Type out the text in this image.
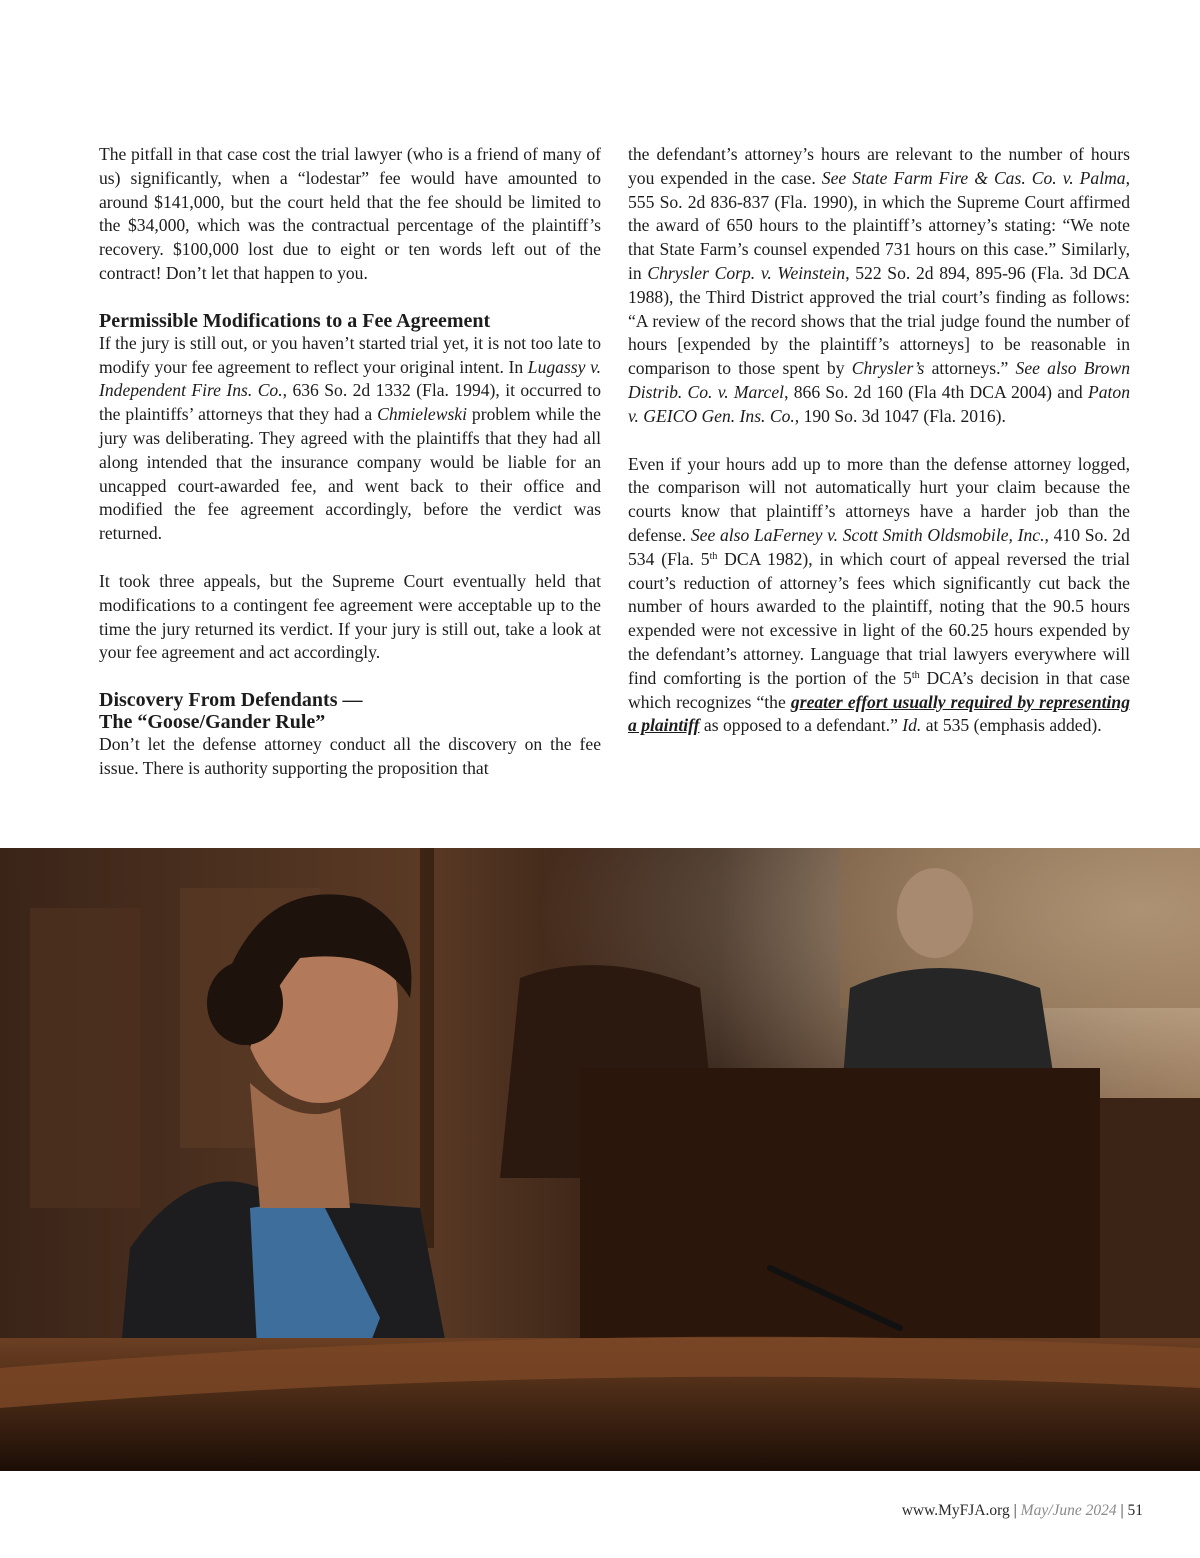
The pitfall in that case cost the trial lawyer (who is a friend of many of us) significantly, when a “lodestar” fee would have amounted to around $141,000, but the court held that the fee should be limited to the $34,000, which was the contractual percentage of the plaintiff’s recovery. $100,000 lost due to eight or ten words left out of the contract! Don’t let that happen to you.

Permissible Modifications to a Fee Agreement

If the jury is still out, or you haven’t started trial yet, it is not too late to modify your fee agreement to reflect your original intent. In Lugassy v. Independent Fire Ins. Co., 636 So. 2d 1332 (Fla. 1994), it occurred to the plaintiffs’ attorneys that they had a Chmielewski problem while the jury was deliberating. They agreed with the plaintiffs that they had all along intended that the insurance company would be liable for an uncapped court-awarded fee, and went back to their office and modified the fee agreement accordingly, before the verdict was returned.

It took three appeals, but the Supreme Court eventually held that modifications to a contingent fee agreement were acceptable up to the time the jury returned its verdict. If your jury is still out, take a look at your fee agreement and act accordingly.

Discovery From Defendants —
The “Goose/Gander Rule”

Don’t let the defense attorney conduct all the discovery on the fee issue. There is authority supporting the proposition that

the defendant’s attorney’s hours are relevant to the number of hours you expended in the case. See State Farm Fire & Cas. Co. v. Palma, 555 So. 2d 836-837 (Fla. 1990), in which the Supreme Court affirmed the award of 650 hours to the plaintiff’s attorney’s stating: “We note that State Farm’s counsel expended 731 hours on this case.” Similarly, in Chrysler Corp. v. Weinstein, 522 So. 2d 894, 895-96 (Fla. 3d DCA 1988), the Third District approved the trial court’s finding as follows: “A review of the record shows that the trial judge found the number of hours [expended by the plaintiff’s attorneys] to be reasonable in comparison to those spent by Chrysler’s attorneys.” See also Brown Distrib. Co. v. Marcel, 866 So. 2d 160 (Fla 4th DCA 2004) and Paton v. GEICO Gen. Ins. Co., 190 So. 3d 1047 (Fla. 2016).

Even if your hours add up to more than the defense attorney logged, the comparison will not automatically hurt your claim because the courts know that plaintiff’s attorneys have a harder job than the defense. See also LaFerney v. Scott Smith Oldsmobile, Inc., 410 So. 2d 534 (Fla. 5th DCA 1982), in which court of appeal reversed the trial court’s reduction of attorney’s fees which significantly cut back the number of hours awarded to the plaintiff, noting that the 90.5 hours expended were not excessive in light of the 60.25 hours expended by the defendant’s attorney. Language that trial lawyers everywhere will find comforting is the portion of the 5th DCA’s decision in that case which recognizes “the greater effort usually required by representing a plaintiff as opposed to a defendant.” Id. at 535 (emphasis added).

www.MyFJA.org | May/June 2024 | 51
